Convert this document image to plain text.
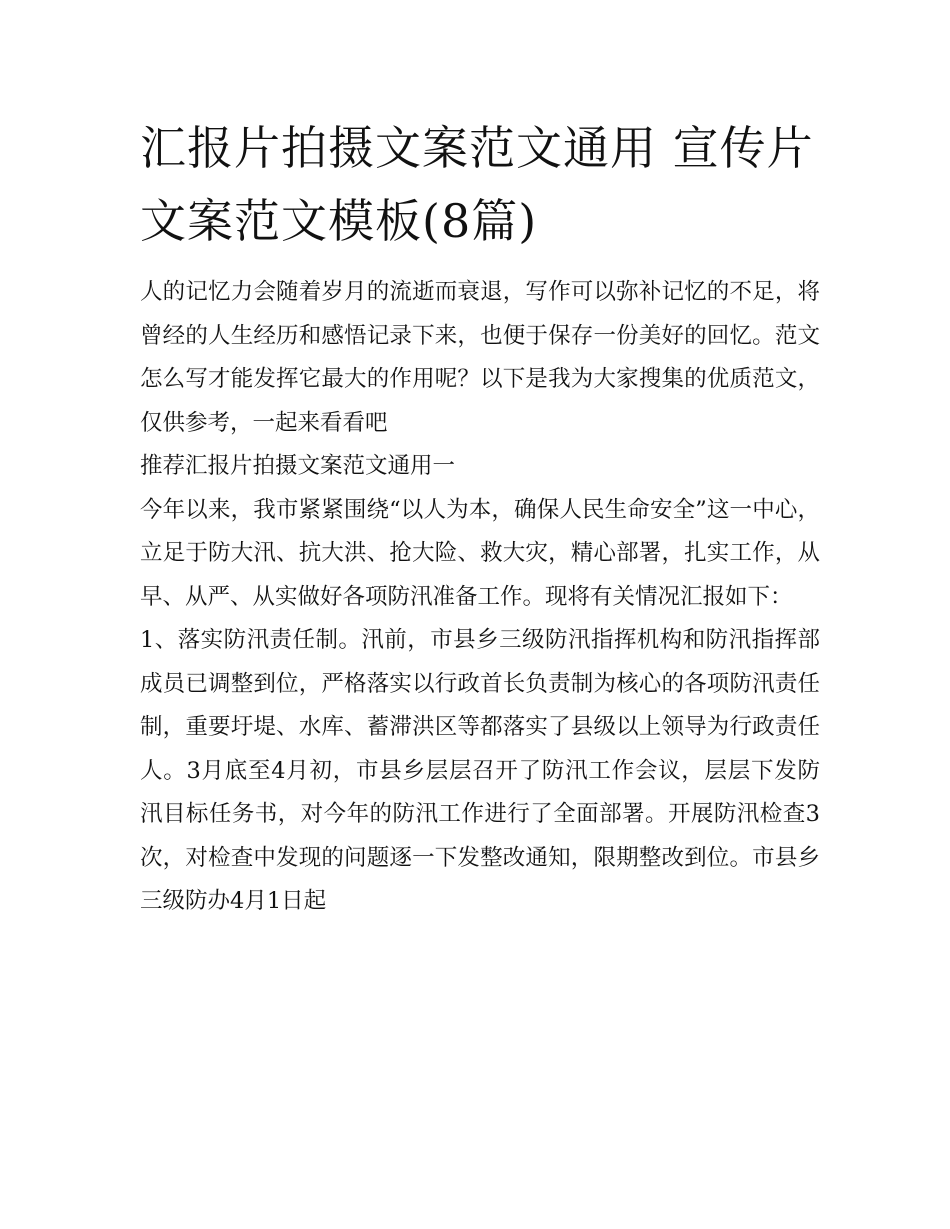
汇报片拍摄文案范文通用 宣传片文案范文模板(8篇)

人的记忆力会随着岁月的流逝而衰退，写作可以弥补记忆的不足，将曾经的人生经历和感悟记录下来，也便于保存一份美好的回忆。范文怎么写才能发挥它最大的作用呢？以下是我为大家搜集的优质范文，仅供参考，一起来看看吧

推荐汇报片拍摄文案范文通用一

今年以来，我市紧紧围绕“以人为本，确保人民生命安全”这一中心，立足于防大汛、抗大洪、抢大险、救大灾，精心部署，扎实工作，从早、从严、从实做好各项防汛准备工作。现将有关情况汇报如下：

1、落实防汛责任制。汛前，市县乡三级防汛指挥机构和防汛指挥部成员已调整到位，严格落实以行政首长负责制为核心的各项防汛责任制，重要圩堤、水库、蓄滞洪区等都落实了县级以上领导为行政责任人。3月底至4月初，市县乡层层召开了防汛工作会议，层层下发防汛目标任务书，对今年的防汛工作进行了全面部署。开展防汛检查3次，对检查中发现的问题逐一下发整改通知，限期整改到位。市县乡三级防办4月1日起
